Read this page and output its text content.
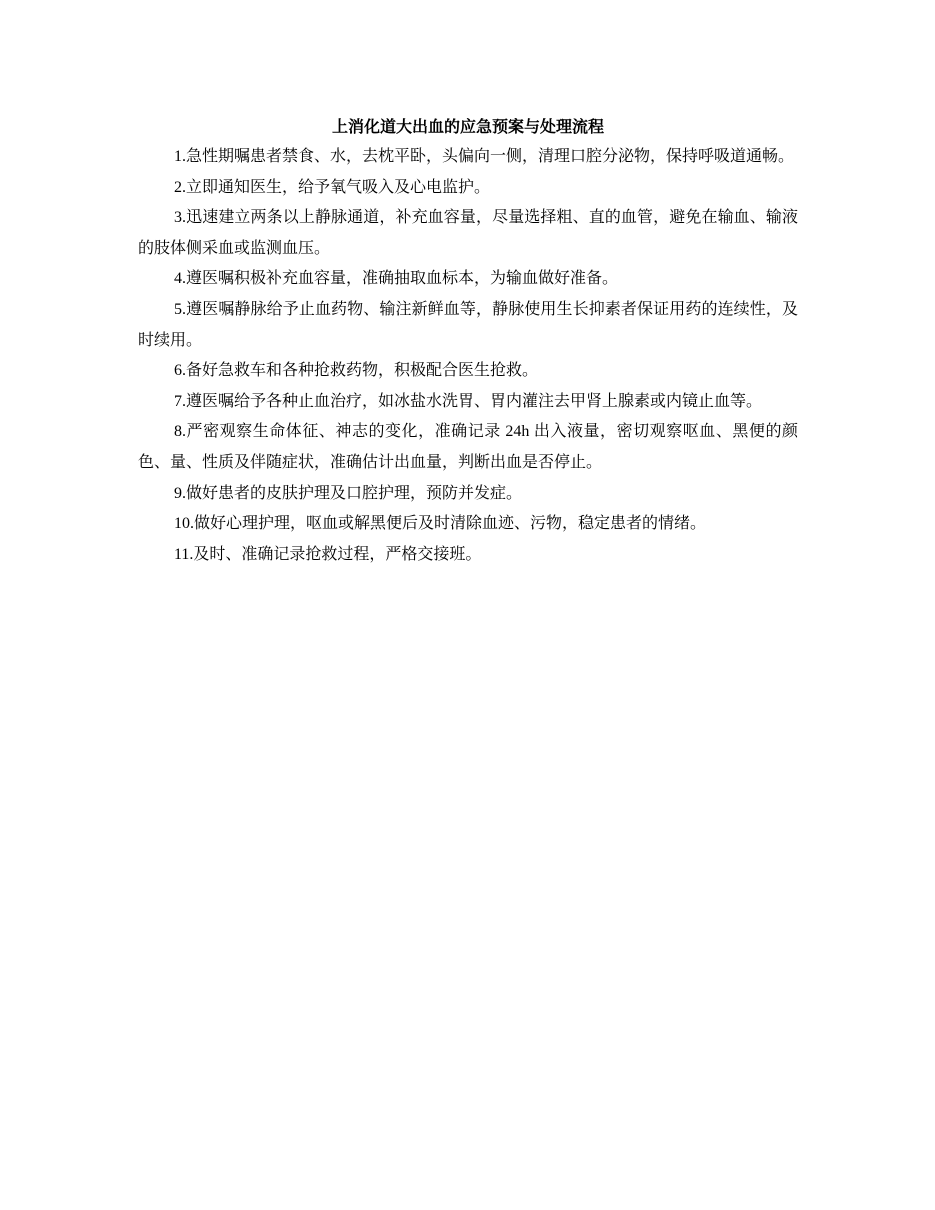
上消化道大出血的应急预案与处理流程

1.急性期嘱患者禁食、水，去枕平卧，头偏向一侧，清理口腔分泌物，保持呼吸道通畅。

2.立即通知医生，给予氧气吸入及心电监护。

3.迅速建立两条以上静脉通道，补充血容量，尽量选择粗、直的血管，避免在输血、输液的肢体侧采血或监测血压。

4.遵医嘱积极补充血容量，准确抽取血标本，为输血做好准备。

5.遵医嘱静脉给予止血药物、输注新鲜血等，静脉使用生长抑素者保证用药的连续性，及时续用。

6.备好急救车和各种抢救药物，积极配合医生抢救。

7.遵医嘱给予各种止血治疗，如冰盐水洗胃、胃内灌注去甲肾上腺素或内镜止血等。

8.严密观察生命体征、神志的变化，准确记录 24h 出入液量，密切观察呕血、黑便的颜色、量、性质及伴随症状，准确估计出血量，判断出血是否停止。

9.做好患者的皮肤护理及口腔护理，预防并发症。

10.做好心理护理，呕血或解黑便后及时清除血迹、污物，稳定患者的情绪。

11.及时、准确记录抢救过程，严格交接班。
